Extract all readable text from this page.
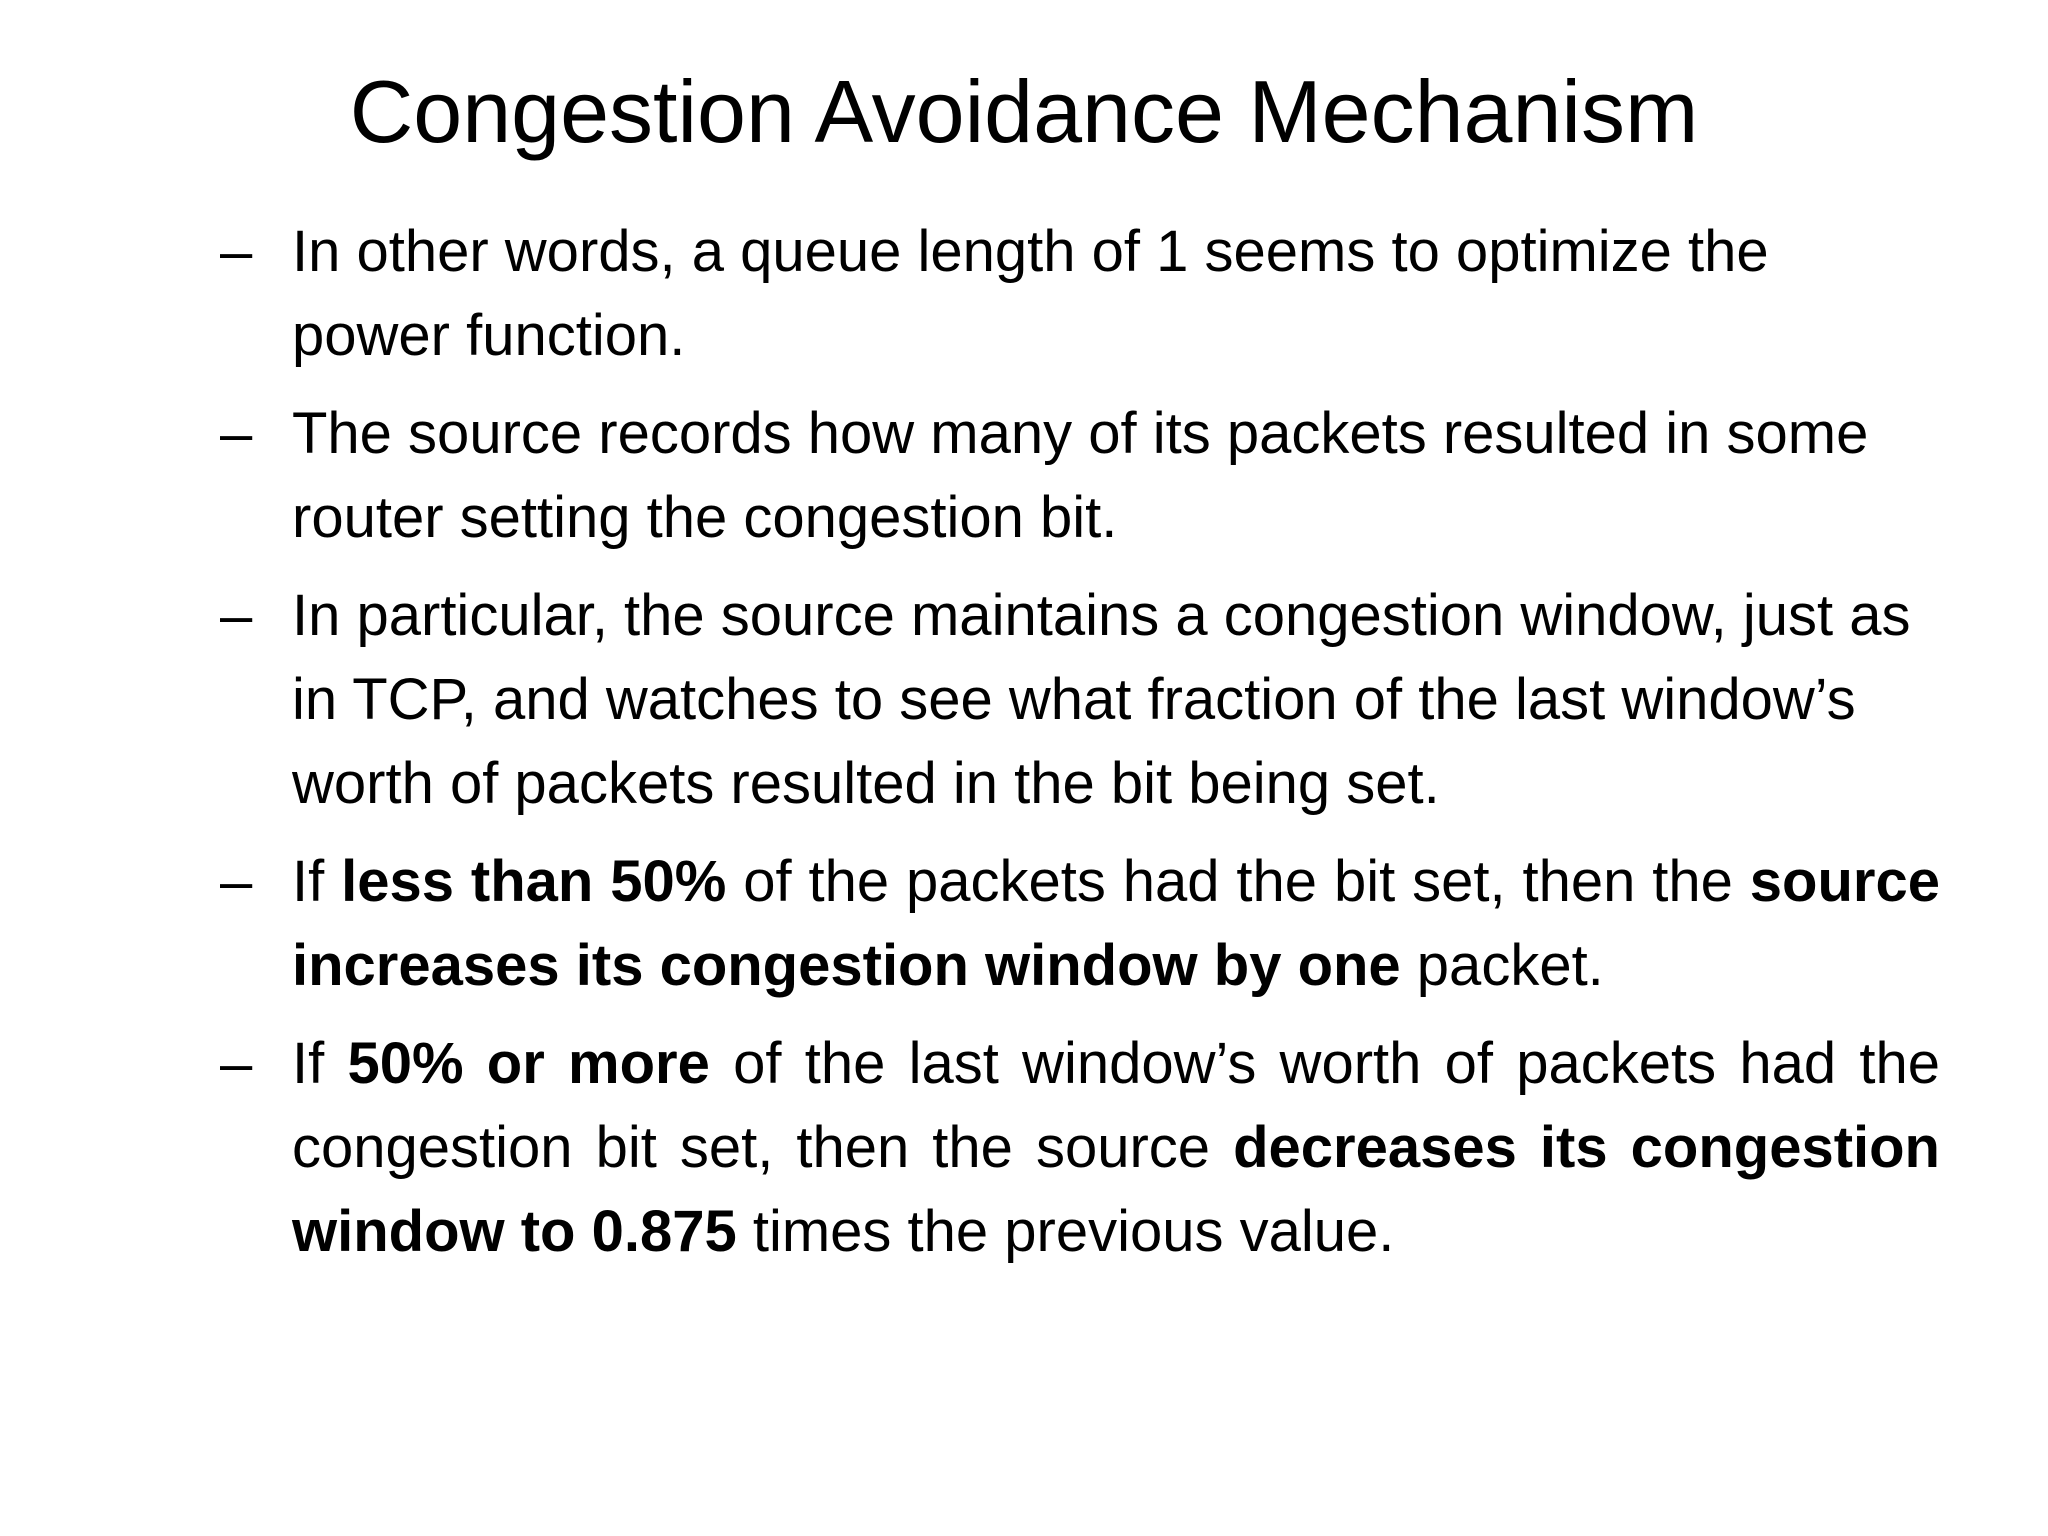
Congestion Avoidance Mechanism
– In other words, a queue length of 1 seems to optimize the power function.
– The source records how many of its packets resulted in some router setting the congestion bit.
– In particular, the source maintains a congestion window, just as in TCP, and watches to see what fraction of the last window’s worth of packets resulted in the bit being set.
– If less than 50% of the packets had the bit set, then the source increases its congestion window by one packet.
– If 50% or more of the last window’s worth of packets had the congestion bit set, then the source decreases its congestion window to 0.875 times the previous value.
